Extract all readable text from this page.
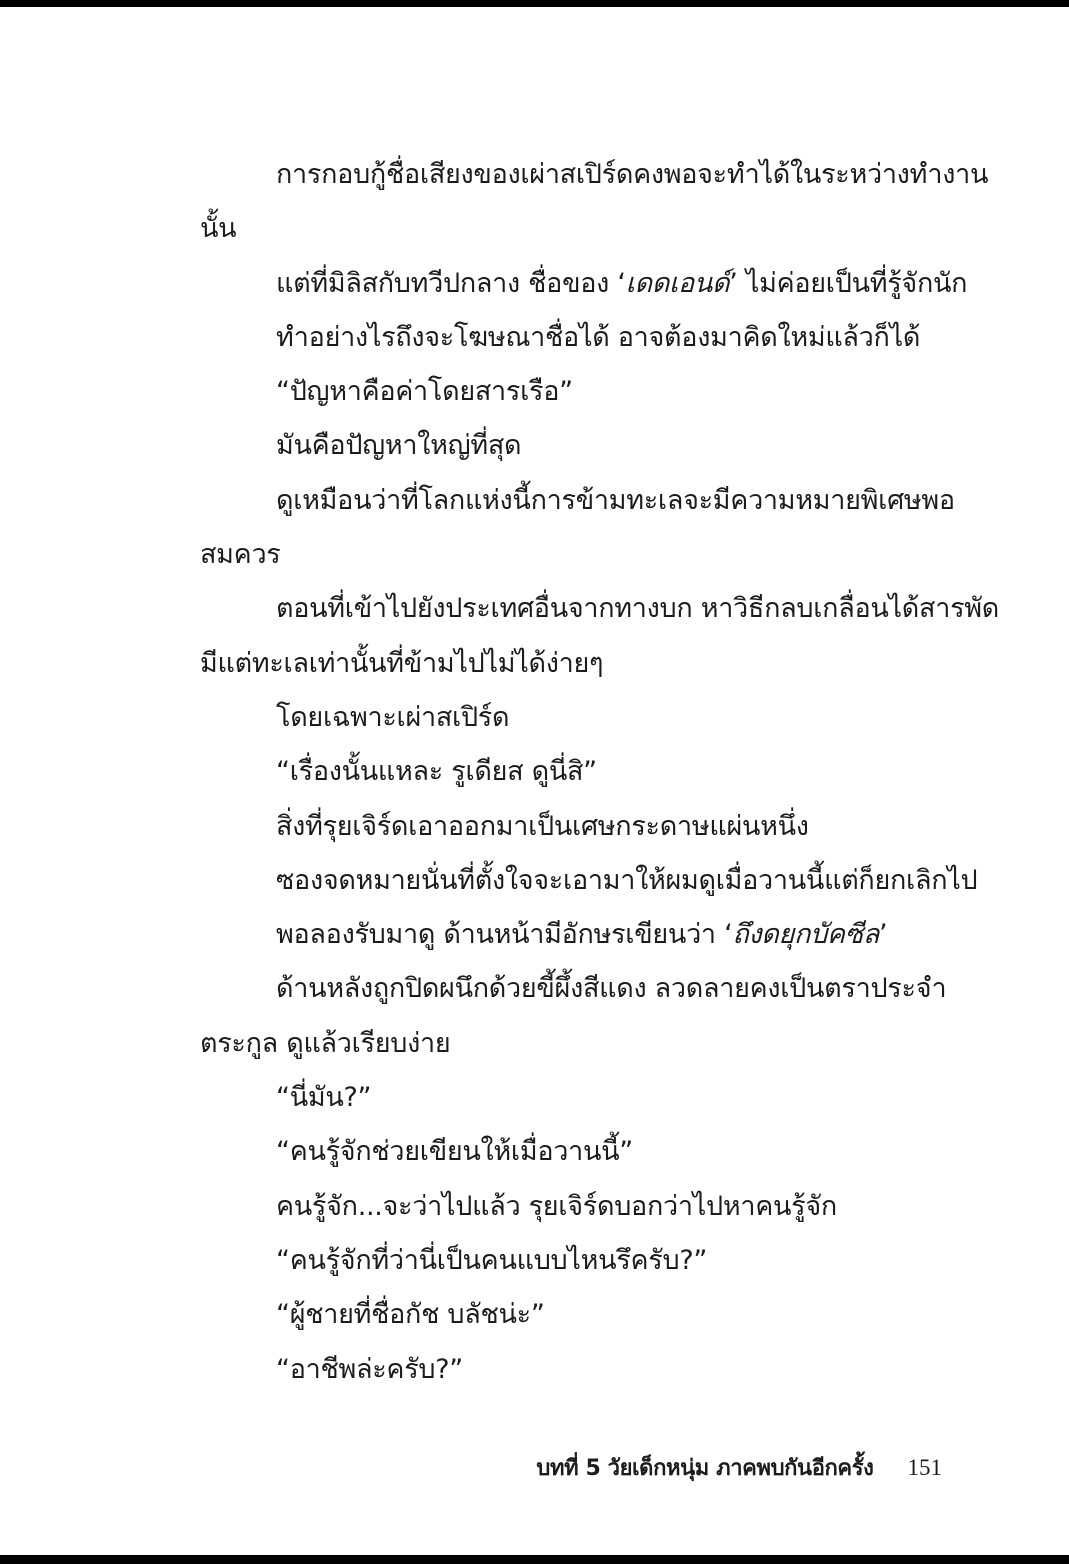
การกอบกู้ชื่อเสียงของเผ่าสเปิร์ดคงพอจะทำได้ในระหว่างทำงาน
นั้น
แต่ที่มิลิสกับทวีปกลาง ชื่อของ ‘เดดเอนด์’ ไม่ค่อยเป็นที่รู้จักนัก
ทำอย่างไรถึงจะโฆษณาชื่อได้ อาจต้องมาคิดใหม่แล้วก็ได้
“ปัญหาคือค่าโดยสารเรือ”
มันคือปัญหาใหญ่ที่สุด
ดูเหมือนว่าที่โลกแห่งนี้การข้ามทะเลจะมีความหมายพิเศษพอ
สมควร
ตอนที่เข้าไปยังประเทศอื่นจากทางบก หาวิธีกลบเกลื่อนได้สารพัด
มีแต่ทะเลเท่านั้นที่ข้ามไปไม่ได้ง่ายๆ
โดยเฉพาะเผ่าสเปิร์ด
“เรื่องนั้นแหละ รูเดียส ดูนี่สิ”
สิ่งที่รุยเจิร์ดเอาออกมาเป็นเศษกระดาษแผ่นหนึ่ง
ซองจดหมายนั่นที่ตั้งใจจะเอามาให้ผมดูเมื่อวานนี้แต่ก็ยกเลิกไป
พอลองรับมาดู ด้านหน้ามีอักษรเขียนว่า ‘ถึงดยุกบัคซีล’
ด้านหลังถูกปิดผนึกด้วยขี้ผึ้งสีแดง ลวดลายคงเป็นตราประจำ
ตระกูล ดูแล้วเรียบง่าย
“นี่มัน?”
“คนรู้จักช่วยเขียนให้เมื่อวานนี้”
คนรู้จัก...จะว่าไปแล้ว รุยเจิร์ดบอกว่าไปหาคนรู้จัก
“คนรู้จักที่ว่านี่เป็นคนแบบไหนรึครับ?”
“ผู้ชายที่ชื่อกัช บลัชน่ะ”
“อาชีพล่ะครับ?”
บทที่ 5 วัยเด็กหนุ่ม ภาคพบกันอีกครั้ง 151
